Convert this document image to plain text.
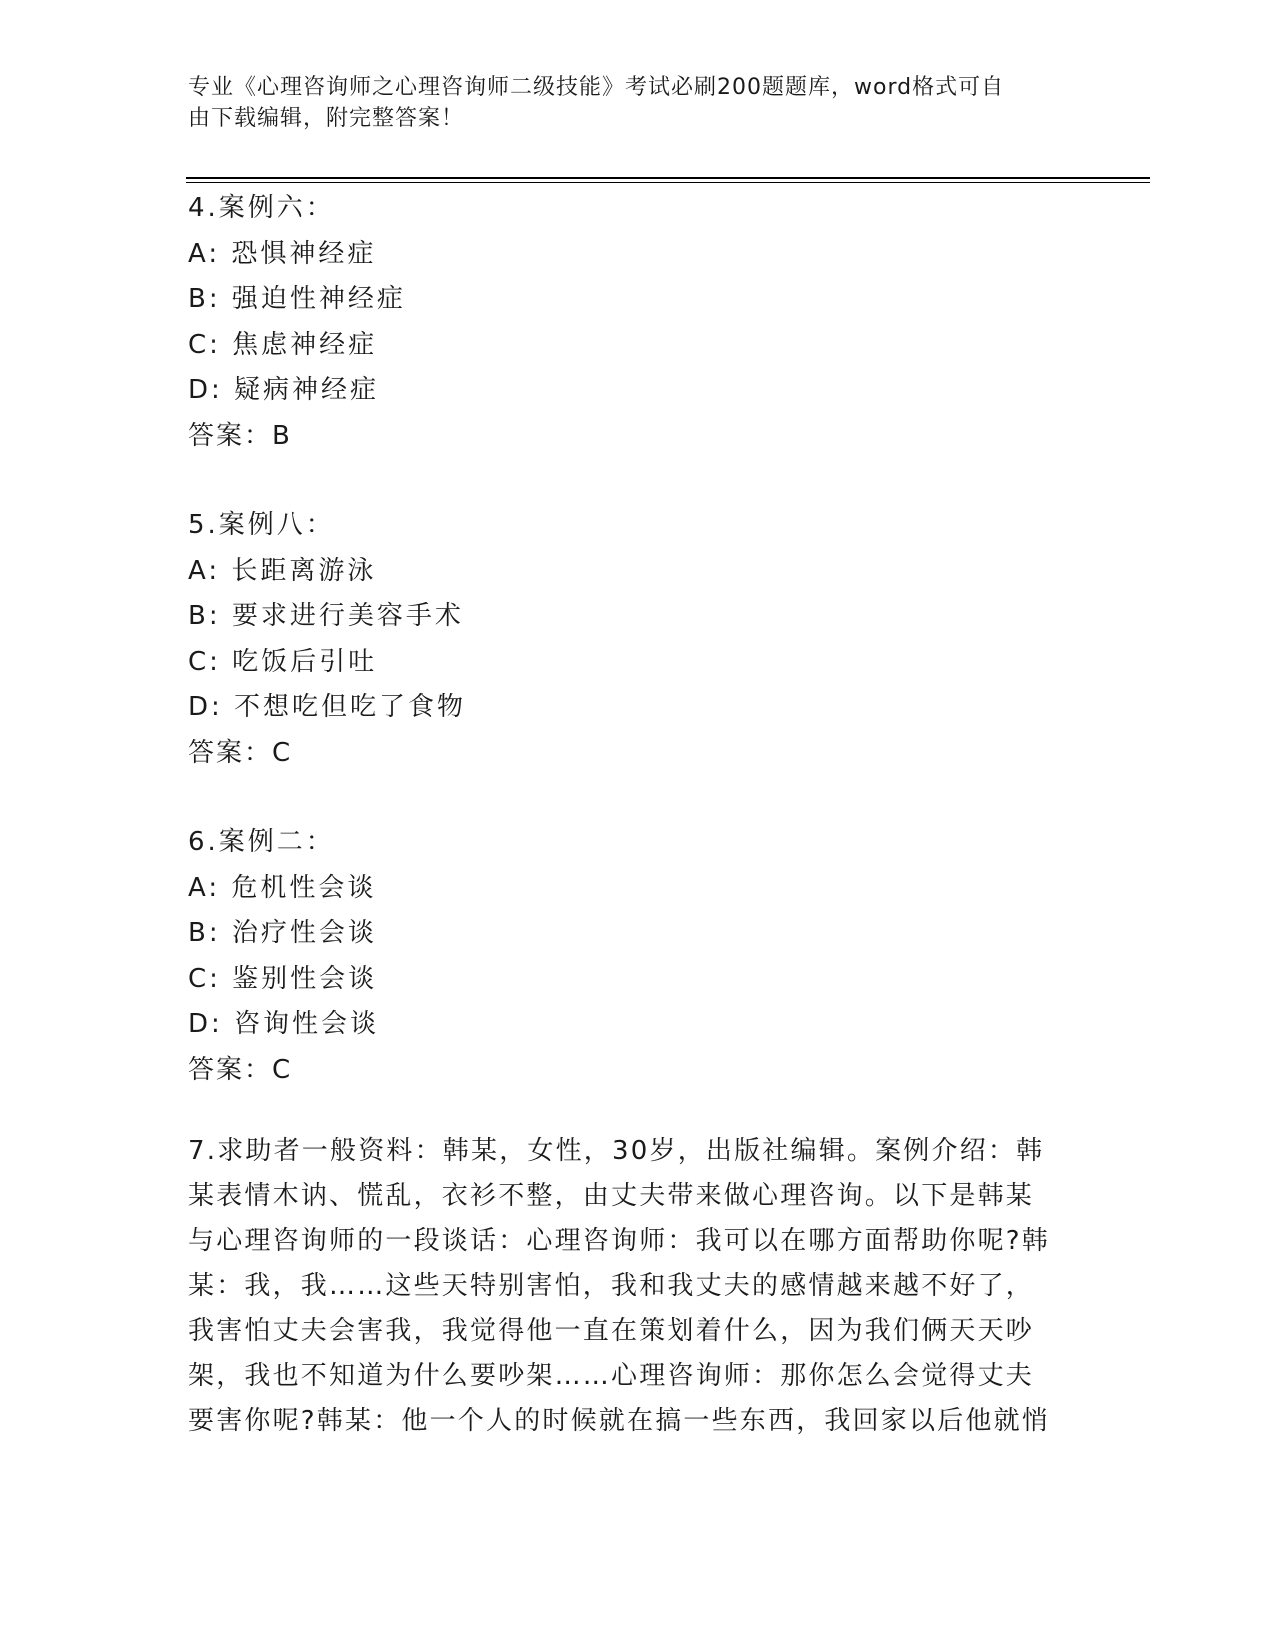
专业《心理咨询师之心理咨询师二级技能》考试必刷200题题库，word格式可自
由下载编辑，附完整答案！
4.案例六：
A: 恐惧神经症
B: 强迫性神经症
C: 焦虑神经症
D: 疑病神经症
答案：B
5.案例八：
A: 长距离游泳
B: 要求进行美容手术
C: 吃饭后引吐
D: 不想吃但吃了食物
答案：C
6.案例二：
A: 危机性会谈
B: 治疗性会谈
C: 鉴别性会谈
D: 咨询性会谈
答案：C
7.求助者一般资料：韩某，女性，30岁，出版社编辑。案例介绍：韩
某表情木讷、慌乱，衣衫不整，由丈夫带来做心理咨询。以下是韩某
与心理咨询师的一段谈话：心理咨询师：我可以在哪方面帮助你呢?韩
某：我，我……这些天特别害怕，我和我丈夫的感情越来越不好了，
我害怕丈夫会害我，我觉得他一直在策划着什么，因为我们俩天天吵
架，我也不知道为什么要吵架……心理咨询师：那你怎么会觉得丈夫
要害你呢?韩某：他一个人的时候就在搞一些东西，我回家以后他就悄
